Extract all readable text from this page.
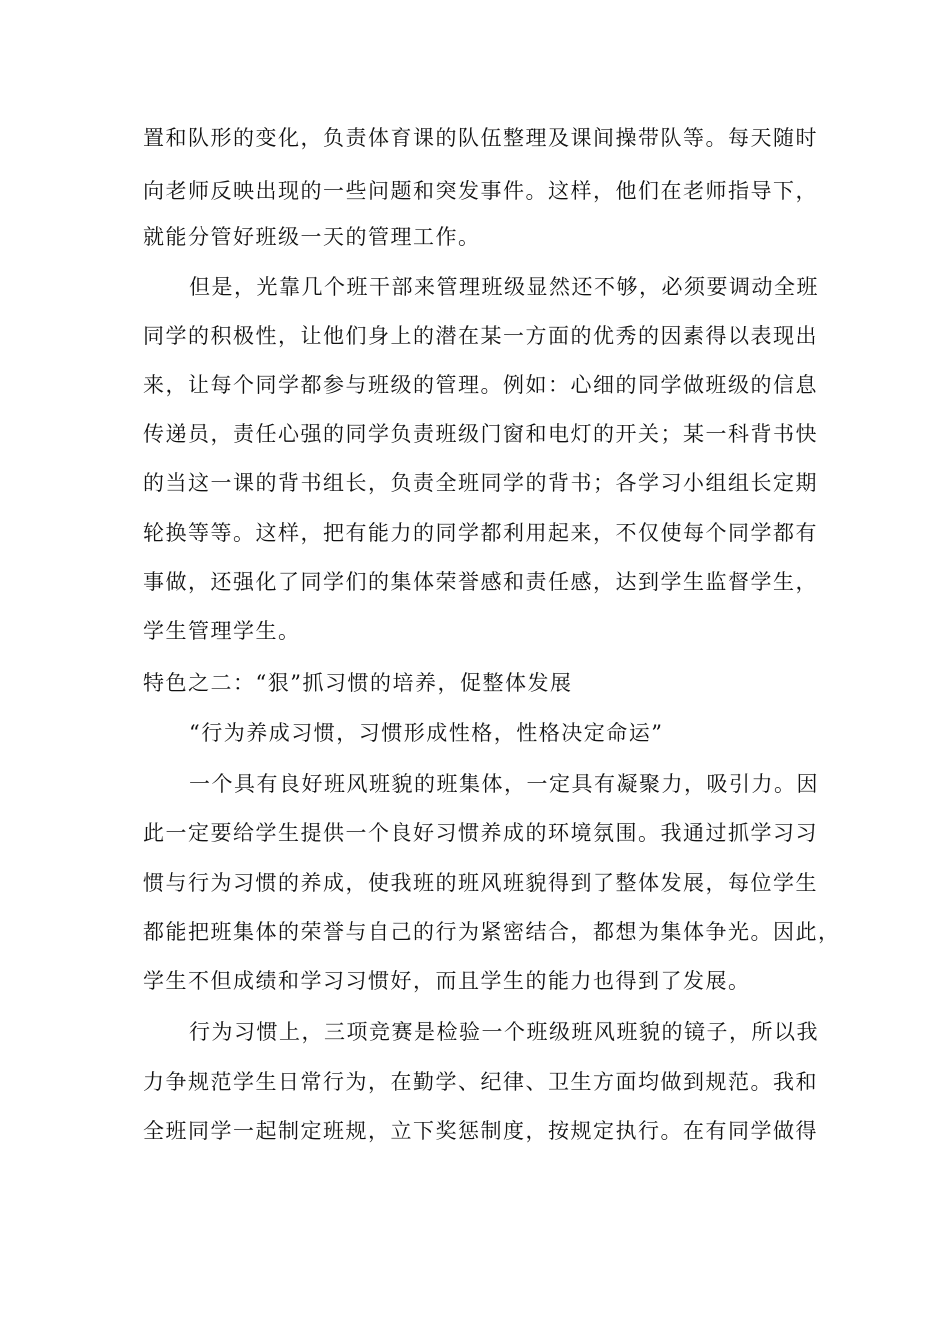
置和队形的变化，负责体育课的队伍整理及课间操带队等。每天随时
向老师反映出现的一些问题和突发事件。这样，他们在老师指导下，
就能分管好班级一天的管理工作。
但是，光靠几个班干部来管理班级显然还不够，必须要调动全班
同学的积极性，让他们身上的潜在某一方面的优秀的因素得以表现出
来，让每个同学都参与班级的管理。例如：心细的同学做班级的信息
传递员，责任心强的同学负责班级门窗和电灯的开关；某一科背书快
的当这一课的背书组长，负责全班同学的背书；各学习小组组长定期
轮换等等。这样，把有能力的同学都利用起来，不仅使每个同学都有
事做，还强化了同学们的集体荣誉感和责任感，达到学生监督学生，
学生管理学生。
特色之二：“狠”抓习惯的培养，促整体发展
“行为养成习惯，习惯形成性格，性格决定命运”
一个具有良好班风班貌的班集体，一定具有凝聚力，吸引力。因
此一定要给学生提供一个良好习惯养成的环境氛围。我通过抓学习习
惯与行为习惯的养成，使我班的班风班貌得到了整体发展，每位学生
都能把班集体的荣誉与自己的行为紧密结合，都想为集体争光。因此，
学生不但成绩和学习习惯好，而且学生的能力也得到了发展。
行为习惯上，三项竞赛是检验一个班级班风班貌的镜子，所以我
力争规范学生日常行为，在勤学、纪律、卫生方面均做到规范。我和
全班同学一起制定班规，立下奖惩制度，按规定执行。在有同学做得
